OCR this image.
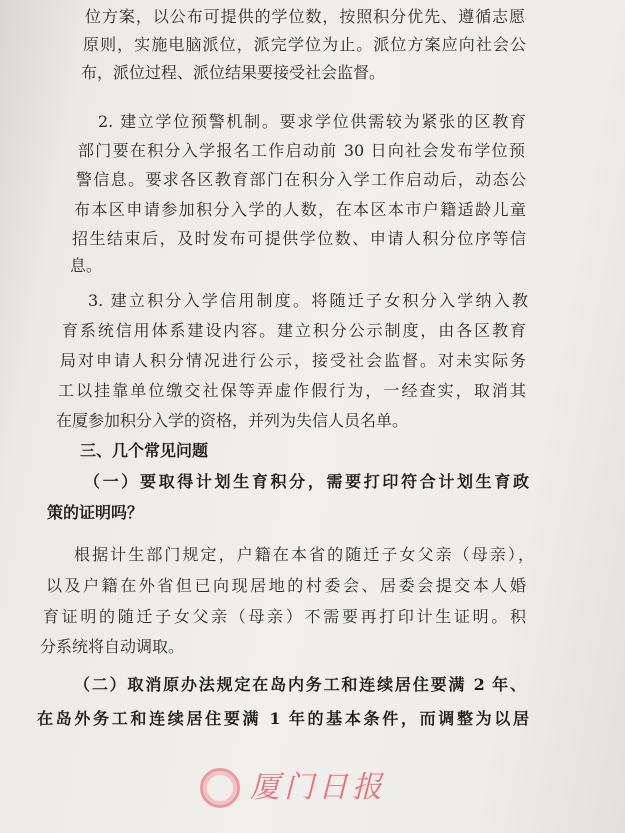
位方案，以公布可提供的学位数，按照积分优先、遵循志愿
原则，实施电脑派位，派完学位为止。派位方案应向社会公
布，派位过程、派位结果要接受社会监督。
2. 建立学位预警机制。要求学位供需较为紧张的区教育
部门要在积分入学报名工作启动前 30 日向社会发布学位预
警信息。要求各区教育部门在积分入学工作启动后，动态公
布本区申请参加积分入学的人数，在本区本市户籍适龄儿童
招生结束后，及时发布可提供学位数、申请人积分位序等信
息。
3. 建立积分入学信用制度。将随迁子女积分入学纳入教
育系统信用体系建设内容。建立积分公示制度，由各区教育
局对申请人积分情况进行公示，接受社会监督。对未实际务
工以挂靠单位缴交社保等弄虚作假行为，一经查实，取消其
在厦参加积分入学的资格，并列为失信人员名单。
三、几个常见问题
（一）要取得计划生育积分，需要打印符合计划生育政
策的证明吗？
根据计生部门规定，户籍在本省的随迁子女父亲（母亲），
以及户籍在外省但已向现居地的村委会、居委会提交本人婚
育证明的随迁子女父亲（母亲）不需要再打印计生证明。积
分系统将自动调取。
（二）取消原办法规定在岛内务工和连续居住要满 2 年、
在岛外务工和连续居住要满 1 年的基本条件，而调整为以居
厦门日报
